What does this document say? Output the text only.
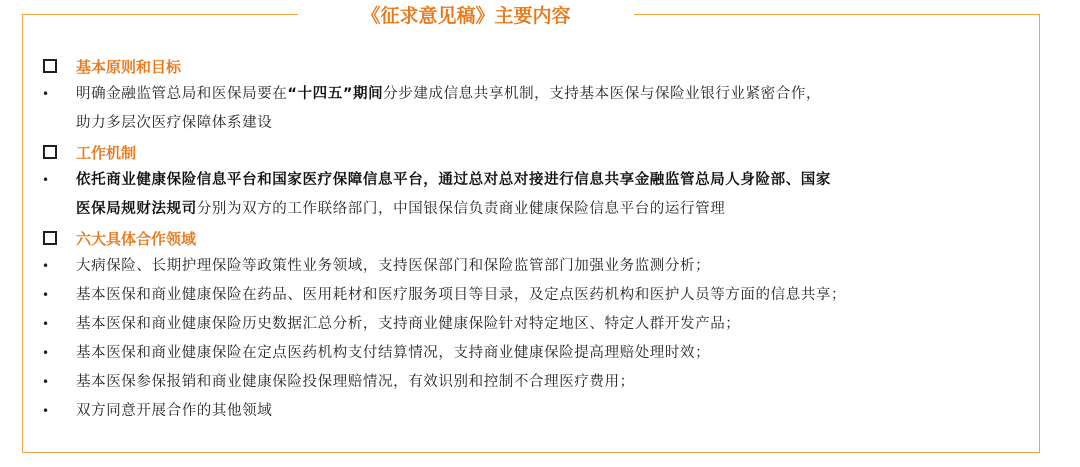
《征求意见稿》主要内容
基本原则和目标
•	明确金融监管总局和医保局要在“十四五”期间分步建成信息共享机制，支持基本医保与保险业银行业紧密合作，
助力多层次医疗保障体系建设
工作机制
•	依托商业健康保险信息平台和国家医疗保障信息平台，通过总对总对接进行信息共享金融监管总局人身险部、国家
医保局规财法规司分别为双方的工作联络部门，中国银保信负责商业健康保险信息平台的运行管理
六大具体合作领域
•	大病保险、长期护理保险等政策性业务领域，支持医保部门和保险监管部门加强业务监测分析；
•	基本医保和商业健康保险在药品、医用耗材和医疗服务项目等目录，及定点医药机构和医护人员等方面的信息共享；
•	基本医保和商业健康保险历史数据汇总分析，支持商业健康保险针对特定地区、特定人群开发产品；
•	基本医保和商业健康保险在定点医药机构支付结算情况，支持商业健康保险提高理赔处理时效；
•	基本医保参保报销和商业健康保险投保理赔情况，有效识别和控制不合理医疗费用；
•	双方同意开展合作的其他领域
